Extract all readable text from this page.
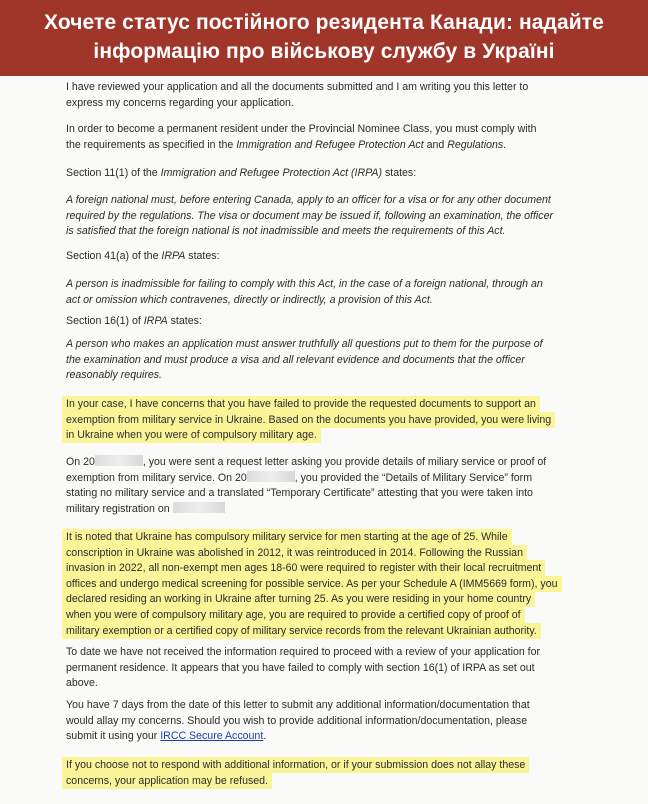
Хочете статус постійного резидента Канади: надайте
інформацію про військову службу в Україні
I have reviewed your application and all the documents submitted and I am writing you this letter to
express my concerns regarding your application.
In order to become a permanent resident under the Provincial Nominee Class, you must comply with
the requirements as specified in the Immigration and Refugee Protection Act and Regulations.
Section 11(1) of the Immigration and Refugee Protection Act (IRPA) states:
A foreign national must, before entering Canada, apply to an officer for a visa or for any other document
required by the regulations. The visa or document may be issued if, following an examination, the officer
is satisfied that the foreign national is not inadmissible and meets the requirements of this Act.
Section 41(a) of the IRPA states:
A person is inadmissible for failing to comply with this Act, in the case of a foreign national, through an
act or omission which contravenes, directly or indirectly, a provision of this Act.
Section 16(1) of IRPA states:
A person who makes an application must answer truthfully all questions put to them for the purpose of
the examination and must produce a visa and all relevant evidence and documents that the officer
reasonably requires.
In your case, I have concerns that you have failed to provide the requested documents to support an
exemption from military service in Ukraine. Based on the documents you have provided, you were living
in Ukraine when you were of compulsory military age.
On 20	, you were sent a request letter asking you provide details of miliary service or proof of
exemption from military service. On 20	, you provided the “Details of Military Service” form
stating no military service and a translated “Temporary Certificate” attesting that you were taken into
military registration on
It is noted that Ukraine has compulsory military service for men starting at the age of 25. While
conscription in Ukraine was abolished in 2012, it was reintroduced in 2014. Following the Russian
invasion in 2022, all non-exempt men ages 18-60 were required to register with their local recruitment
offices and undergo medical screening for possible service. As per your Schedule A (IMM5669 form), you
declared residing an working in Ukraine after turning 25. As you were residing in your home country
when you were of compulsory military age, you are required to provide a certified copy of proof of
military exemption or a certified copy of military service records from the relevant Ukrainian authority.
To date we have not received the information required to proceed with a review of your application for
permanent residence. It appears that you have failed to comply with section 16(1) of IRPA as set out
above.
You have 7 days from the date of this letter to submit any additional information/documentation that
would allay my concerns. Should you wish to provide additional information/documentation, please
submit it using your IRCC Secure Account.
If you choose not to respond with additional information, or if your submission does not allay these
concerns, your application may be refused.
